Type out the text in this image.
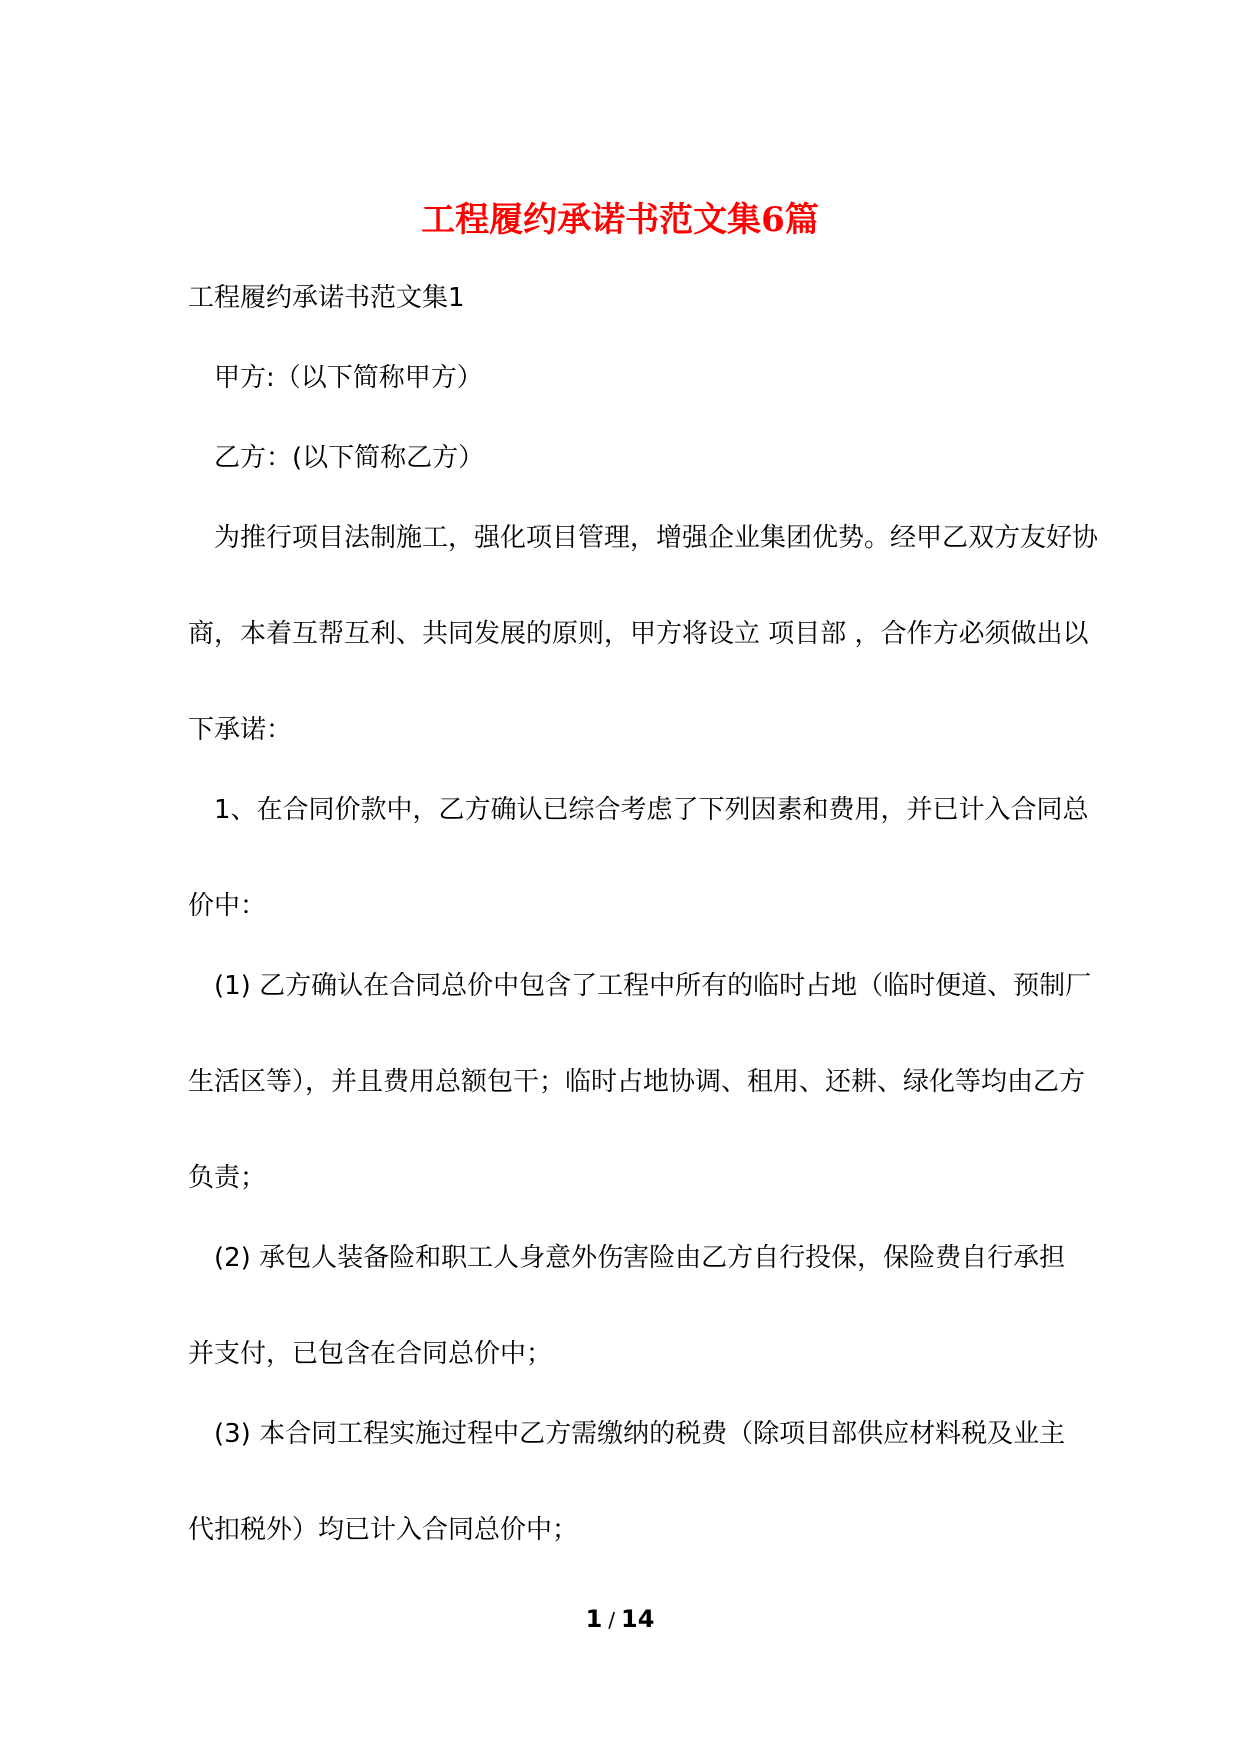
工程履约承诺书范文集6篇

工程履约承诺书范文集1

甲方:（以下简称甲方）

乙方：(以下简称乙方）

为推行项目法制施工，强化项目管理，增强企业集团优势。经甲乙双方友好协

商，本着互帮互利、共同发展的原则，甲方将设立 项目部 ，合作方必须做出以

下承诺：

1、在合同价款中，乙方确认已综合考虑了下列因素和费用，并已计入合同总

价中：

(1) 乙方确认在合同总价中包含了工程中所有的临时占地（临时便道、预制厂

生活区等），并且费用总额包干；临时占地协调、租用、还耕、绿化等均由乙方

负责；

(2) 承包人装备险和职工人身意外伤害险由乙方自行投保，保险费自行承担

并支付，已包含在合同总价中；

(3) 本合同工程实施过程中乙方需缴纳的税费（除项目部供应材料税及业主

代扣税外）均已计入合同总价中；

1 / 14
